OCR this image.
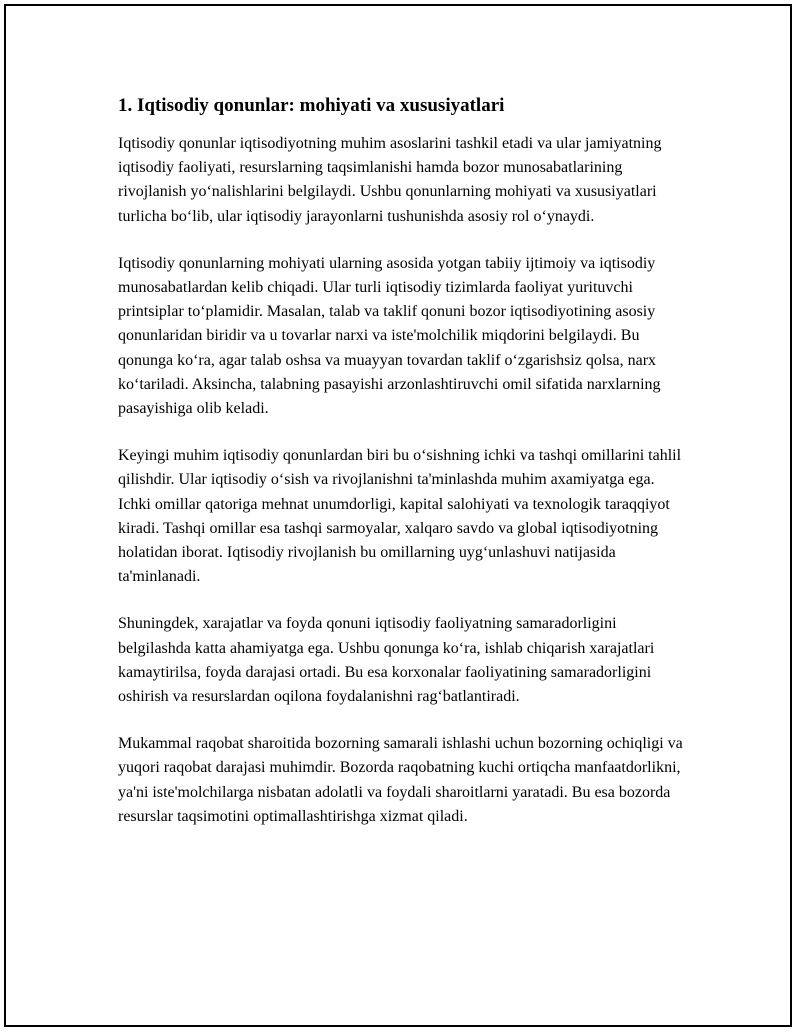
1. Iqtisodiy qonunlar: mohiyati va xususiyatlari

Iqtisodiy qonunlar iqtisodiyotning muhim asoslarini tashkil etadi va ular jamiyatning iqtisodiy faoliyati, resurslarning taqsimlanishi hamda bozor munosabatlarining rivojlanish yo‘nalishlarini belgilaydi. Ushbu qonunlarning mohiyati va xususiyatlari turlicha bo‘lib, ular iqtisodiy jarayonlarni tushunishda asosiy rol o‘ynaydi.

Iqtisodiy qonunlarning mohiyati ularning asosida yotgan tabiiy ijtimoiy va iqtisodiy munosabatlardan kelib chiqadi. Ular turli iqtisodiy tizimlarda faoliyat yurituvchi printsiplar to‘plamidir. Masalan, talab va taklif qonuni bozor iqtisodiyotining asosiy qonunlaridan biridir va u tovarlar narxi va iste'molchilik miqdorini belgilaydi. Bu qonunga ko‘ra, agar talab oshsa va muayyan tovardan taklif o‘zgarishsiz qolsa, narx ko‘tariladi. Aksincha, talabning pasayishi arzonlashtiruvchi omil sifatida narxlarning pasayishiga olib keladi.

Keyingi muhim iqtisodiy qonunlardan biri bu o‘sishning ichki va tashqi omillarini tahlil qilishdir. Ular iqtisodiy o‘sish va rivojlanishni ta'minlashda muhim axamiyatga ega. Ichki omillar qatoriga mehnat unumdorligi, kapital salohiyati va texnologik taraqqiyot kiradi. Tashqi omillar esa tashqi sarmoyalar, xalqaro savdo va global iqtisodiyotning holatidan iborat. Iqtisodiy rivojlanish bu omillarning uyg‘unlashuvi natijasida ta'minlanadi.

Shuningdek, xarajatlar va foyda qonuni iqtisodiy faoliyatning samaradorligini belgilashda katta ahamiyatga ega. Ushbu qonunga ko‘ra, ishlab chiqarish xarajatlari kamaytirilsa, foyda darajasi ortadi. Bu esa korxonalar faoliyatining samaradorligini oshirish va resurslardan oqilona foydalanishni rag‘batlantiradi.

Mukammal raqobat sharoitida bozorning samarali ishlashi uchun bozorning ochiqligi va yuqori raqobat darajasi muhimdir. Bozorda raqobatning kuchi ortiqcha manfaatdorlikni, ya'ni iste'molchilarga nisbatan adolatli va foydali sharoitlarni yaratadi. Bu esa bozorda resurslar taqsimotini optimallashtirishga xizmat qiladi.
